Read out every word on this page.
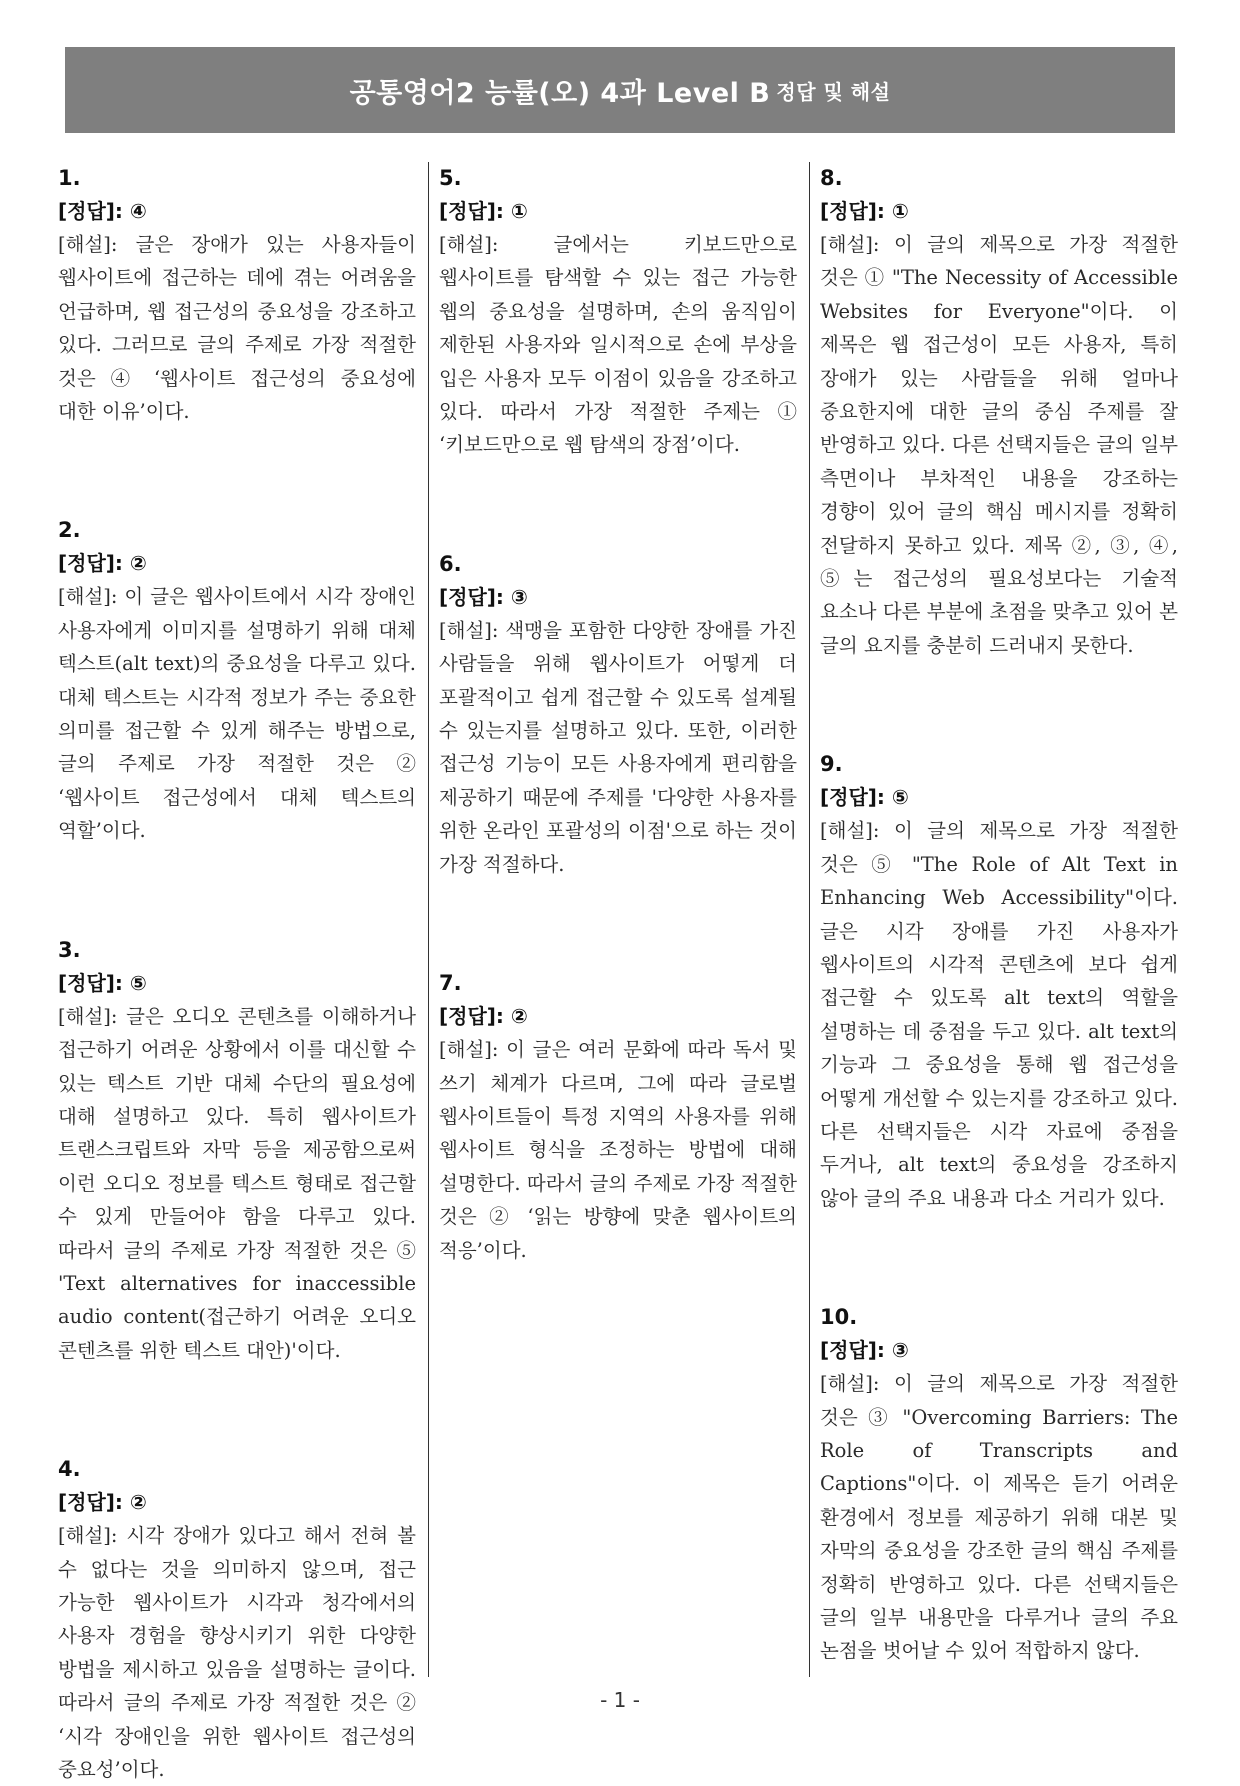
공통영어2 능률(오) 4과 Level B 정답 및 해설
1.
[정답]: ④
[해설]: 글은 장애가 있는 사용자들이 웹사이트에 접근하는 데에 겪는 어려움을 언급하며, 웹 접근성의 중요성을 강조하고 있다. 그러므로 글의 주제로 가장 적절한 것은 ④ ‘웹사이트 접근성의 중요성에 대한 이유’이다.
2.
[정답]: ②
[해설]: 이 글은 웹사이트에서 시각 장애인 사용자에게 이미지를 설명하기 위해 대체 텍스트(alt text)의 중요성을 다루고 있다. 대체 텍스트는 시각적 정보가 주는 중요한 의미를 접근할 수 있게 해주는 방법으로, 글의 주제로 가장 적절한 것은 ② ‘웹사이트 접근성에서 대체 텍스트의 역할’이다.
3.
[정답]: ⑤
[해설]: 글은 오디오 콘텐츠를 이해하거나 접근하기 어려운 상황에서 이를 대신할 수 있는 텍스트 기반 대체 수단의 필요성에 대해 설명하고 있다. 특히 웹사이트가 트랜스크립트와 자막 등을 제공함으로써 이런 오디오 정보를 텍스트 형태로 접근할 수 있게 만들어야 함을 다루고 있다. 따라서 글의 주제로 가장 적절한 것은 ⑤ 'Text alternatives for inaccessible audio content(접근하기 어려운 오디오 콘텐츠를 위한 텍스트 대안)'이다.
4.
[정답]: ②
[해설]: 시각 장애가 있다고 해서 전혀 볼 수 없다는 것을 의미하지 않으며, 접근 가능한 웹사이트가 시각과 청각에서의 사용자 경험을 향상시키기 위한 다양한 방법을 제시하고 있음을 설명하는 글이다. 따라서 글의 주제로 가장 적절한 것은 ② ‘시각 장애인을 위한 웹사이트 접근성의 중요성’이다.
5.
[정답]: ①
[해설]: 글에서는 키보드만으로 웹사이트를 탐색할 수 있는 접근 가능한 웹의 중요성을 설명하며, 손의 움직임이 제한된 사용자와 일시적으로 손에 부상을 입은 사용자 모두 이점이 있음을 강조하고 있다. 따라서 가장 적절한 주제는 ① ‘키보드만으로 웹 탐색의 장점’이다.
6.
[정답]: ③
[해설]: 색맹을 포함한 다양한 장애를 가진 사람들을 위해 웹사이트가 어떻게 더 포괄적이고 쉽게 접근할 수 있도록 설계될 수 있는지를 설명하고 있다. 또한, 이러한 접근성 기능이 모든 사용자에게 편리함을 제공하기 때문에 주제를 '다양한 사용자를 위한 온라인 포괄성의 이점'으로 하는 것이 가장 적절하다.
7.
[정답]: ②
[해설]: 이 글은 여러 문화에 따라 독서 및 쓰기 체계가 다르며, 그에 따라 글로벌 웹사이트들이 특정 지역의 사용자를 위해 웹사이트 형식을 조정하는 방법에 대해 설명한다. 따라서 글의 주제로 가장 적절한 것은 ② ‘읽는 방향에 맞춘 웹사이트의 적응’이다.
8.
[정답]: ①
[해설]: 이 글의 제목으로 가장 적절한 것은 ① "The Necessity of Accessible Websites for Everyone"이다. 이 제목은 웹 접근성이 모든 사용자, 특히 장애가 있는 사람들을 위해 얼마나 중요한지에 대한 글의 중심 주제를 잘 반영하고 있다. 다른 선택지들은 글의 일부 측면이나 부차적인 내용을 강조하는 경향이 있어 글의 핵심 메시지를 정확히 전달하지 못하고 있다. 제목 ②, ③, ④, ⑤는 접근성의 필요성보다는 기술적 요소나 다른 부분에 초점을 맞추고 있어 본 글의 요지를 충분히 드러내지 못한다.
9.
[정답]: ⑤
[해설]: 이 글의 제목으로 가장 적절한 것은 ⑤ "The Role of Alt Text in Enhancing Web Accessibility"이다. 글은 시각 장애를 가진 사용자가 웹사이트의 시각적 콘텐츠에 보다 쉽게 접근할 수 있도록 alt text의 역할을 설명하는 데 중점을 두고 있다. alt text의 기능과 그 중요성을 통해 웹 접근성을 어떻게 개선할 수 있는지를 강조하고 있다. 다른 선택지들은 시각 자료에 중점을 두거나, alt text의 중요성을 강조하지 않아 글의 주요 내용과 다소 거리가 있다.
10.
[정답]: ③
[해설]: 이 글의 제목으로 가장 적절한 것은 ③ "Overcoming Barriers: The Role of Transcripts and Captions"이다. 이 제목은 듣기 어려운 환경에서 정보를 제공하기 위해 대본 및 자막의 중요성을 강조한 글의 핵심 주제를 정확히 반영하고 있다. 다른 선택지들은 글의 일부 내용만을 다루거나 글의 주요 논점을 벗어날 수 있어 적합하지 않다.
- 1 -
